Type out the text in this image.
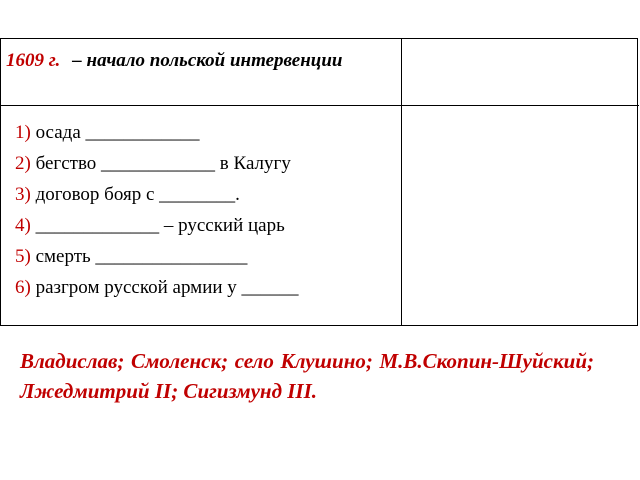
1609 г. – начало польской интервенции
1) осада ____________
2) бегство ____________ в Калугу
3) договор бояр с ________.
4) _____________ – русский царь
5) смерть ________________
6) разгром русской армии у ______
Владислав; Смоленск; село Клушино; М.В.Скопин-Шуйский; Лжедмитрий II; Сигизмунд III.
